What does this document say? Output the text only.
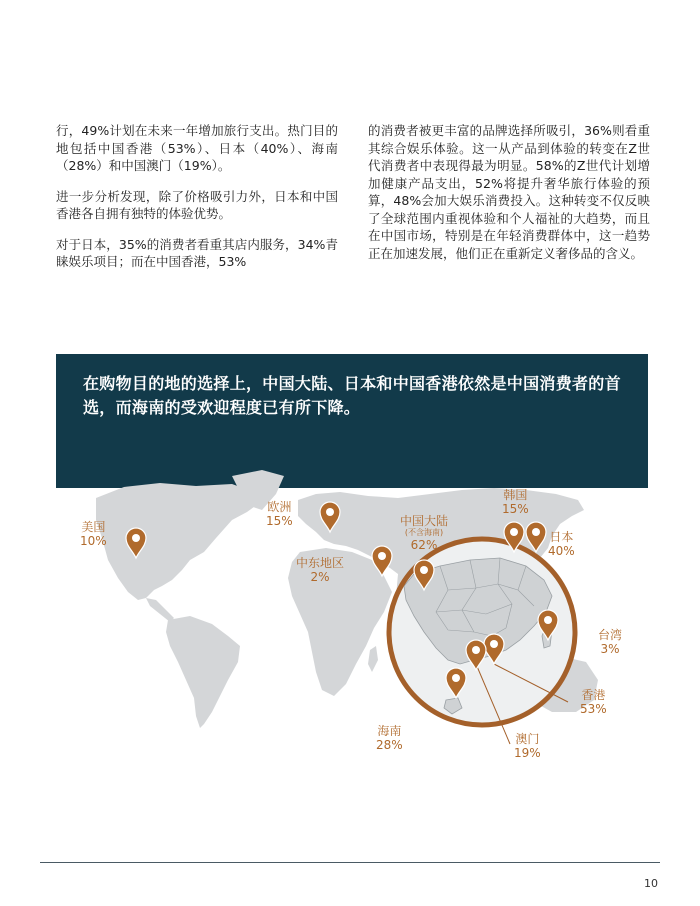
行，49%计划在未来一年增加旅行支出。热门目的地包括中国香港（53%）、日本（40%）、海南（28%）和中国澳门（19%）。

进一步分析发现，除了价格吸引力外，日本和中国香港各自拥有独特的体验优势。

对于日本，35%的消费者看重其店内服务，34%青睐娱乐项目；而在中国香港，53%

的消费者被更丰富的品牌选择所吸引，36%则看重其综合娱乐体验。这一从产品到体验的转变在Z世代消费者中表现得最为明显。58%的Z世代计划增加健康产品支出，52%将提升奢华旅行体验的预算，48%会加大娱乐消费投入。这种转变不仅反映了全球范围内重视体验和个人福祉的大趋势，而且在中国市场，特别是在年轻消费群体中，这一趋势正在加速发展，他们正在重新定义奢侈品的含义。

在购物目的地的选择上，中国大陆、日本和中国香港依然是中国消费者的首选，而海南的受欢迎程度已有所下降。
美国
10%
欧洲
15%
中东地区
2%
中国大陆
(不含海南)
62%
韩国
15%
日本
40%
台湾
3%
香港
53%
澳门
19%
海南
28%
10
